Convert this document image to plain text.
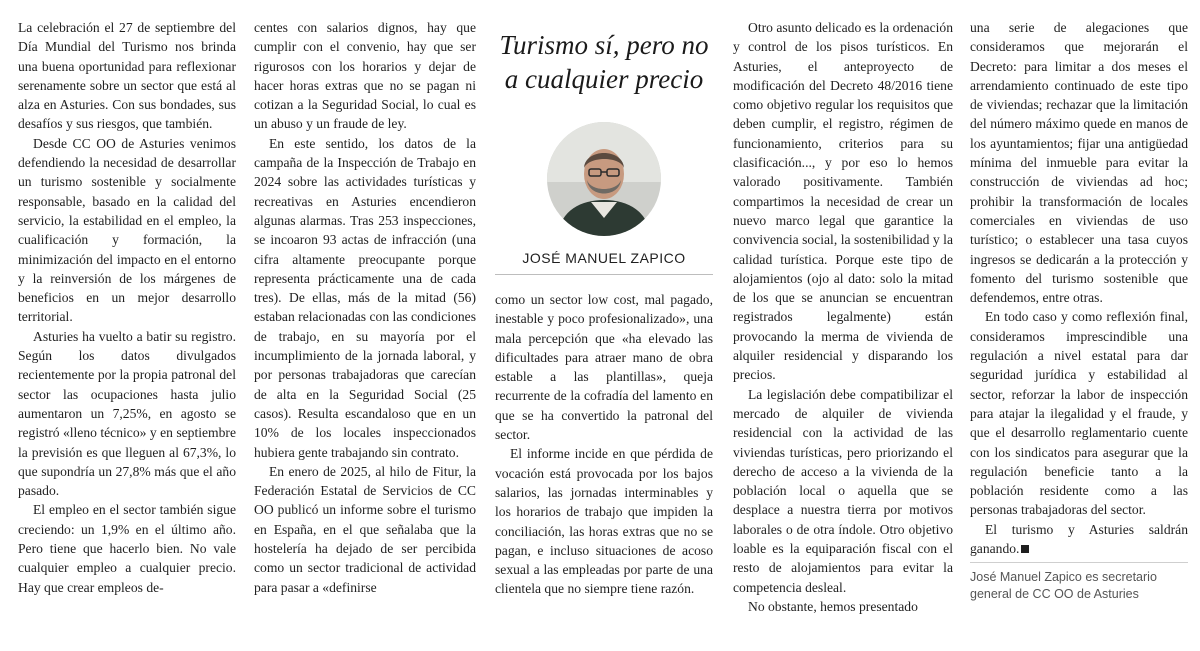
La celebración el 27 de septiembre del Día Mundial del Turismo nos brinda una buena oportunidad para reflexionar serenamente sobre un sector que está al alza en Asturies. Con sus bondades, sus desafíos y sus riesgos, que también.

Desde CC OO de Asturies venimos defendiendo la necesidad de desarrollar un turismo sostenible y socialmente responsable, basado en la calidad del servicio, la estabilidad en el empleo, la cualificación y formación, la minimización del impacto en el entorno y la reinversión de los márgenes de beneficios en un mejor desarrollo territorial.

Asturies ha vuelto a batir su registro. Según los datos divulgados recientemente por la propia patronal del sector las ocupaciones hasta julio aumentaron un 7,25%, en agosto se registró «lleno técnico» y en septiembre la previsión es que lleguen al 67,3%, lo que supondría un 27,8% más que el año pasado.

El empleo en el sector también sigue creciendo: un 1,9% en el último año. Pero tiene que hacerlo bien. No vale cualquier empleo a cualquier precio. Hay que crear empleos de-

centes con salarios dignos, hay que cumplir con el convenio, hay que ser rigurosos con los horarios y dejar de hacer horas extras que no se pagan ni cotizan a la Seguridad Social, lo cual es un abuso y un fraude de ley.

En este sentido, los datos de la campaña de la Inspección de Trabajo en 2024 sobre las actividades turísticas y recreativas en Asturies encendieron algunas alarmas. Tras 253 inspecciones, se incoaron 93 actas de infracción (una cifra altamente preocupante porque representa prácticamente una de cada tres). De ellas, más de la mitad (56) estaban relacionadas con las condiciones de trabajo, en su mayoría por el incumplimiento de la jornada laboral, y por personas trabajadoras que carecían de alta en la Seguridad Social (25 casos). Resulta escandaloso que en un 10% de los locales inspeccionados hubiera gente trabajando sin contrato.

En enero de 2025, al hilo de Fitur, la Federación Estatal de Servicios de CC OO publicó un informe sobre el turismo en España, en el que señalaba que la hostelería ha dejado de ser percibida como un sector tradicional de actividad para pasar a «definirse

Turismo sí, pero no a cualquier precio
JOSÉ MANUEL ZAPICO

como un sector low cost, mal pagado, inestable y poco profesionalizado», una mala percepción que «ha elevado las dificultades para atraer mano de obra estable a las plantillas», queja recurrente de la cofradía del lamento en que se ha convertido la patronal del sector.

El informe incide en que pérdida de vocación está provocada por los bajos salarios, las jornadas interminables y los horarios de trabajo que impiden la conciliación, las horas extras que no se pagan, e incluso situaciones de acoso sexual a las empleadas por parte de una clientela que no siempre tiene razón.

Otro asunto delicado es la ordenación y control de los pisos turísticos. En Asturies, el anteproyecto de modificación del Decreto 48/2016 tiene como objetivo regular los requisitos que deben cumplir, el registro, régimen de funcionamiento, criterios para su clasificación..., y por eso lo hemos valorado positivamente. También compartimos la necesidad de crear un nuevo marco legal que garantice la convivencia social, la sostenibilidad y la calidad turística. Porque este tipo de alojamientos (ojo al dato: solo la mitad de los que se anuncian se encuentran registrados legalmente) están provocando la merma de vivienda de alquiler residencial y disparando los precios.

La legislación debe compatibilizar el mercado de alquiler de vivienda residencial con la actividad de las viviendas turísticas, pero priorizando el derecho de acceso a la vivienda de la población local o aquella que se desplace a nuestra tierra por motivos laborales o de otra índole. Otro objetivo loable es la equiparación fiscal con el resto de alojamientos para evitar la competencia desleal.

No obstante, hemos presentado

una serie de alegaciones que consideramos que mejorarán el Decreto: para limitar a dos meses el arrendamiento continuado de este tipo de viviendas; rechazar que la limitación del número máximo quede en manos de los ayuntamientos; fijar una antigüedad mínima del inmueble para evitar la construcción de viviendas ad hoc; prohibir la transformación de locales comerciales en viviendas de uso turístico; o establecer una tasa cuyos ingresos se dedicarán a la protección y fomento del turismo sostenible que defendemos, entre otras.

En todo caso y como reflexión final, consideramos imprescindible una regulación a nivel estatal para dar seguridad jurídica y estabilidad al sector, reforzar la labor de inspección para atajar la ilegalidad y el fraude, y que el desarrollo reglamentario cuente con los sindicatos para asegurar que la regulación beneficie tanto a la población residente como a las personas trabajadoras del sector.

El turismo y Asturies saldrán ganando.

José Manuel Zapico es secretario general de CC OO de Asturies
